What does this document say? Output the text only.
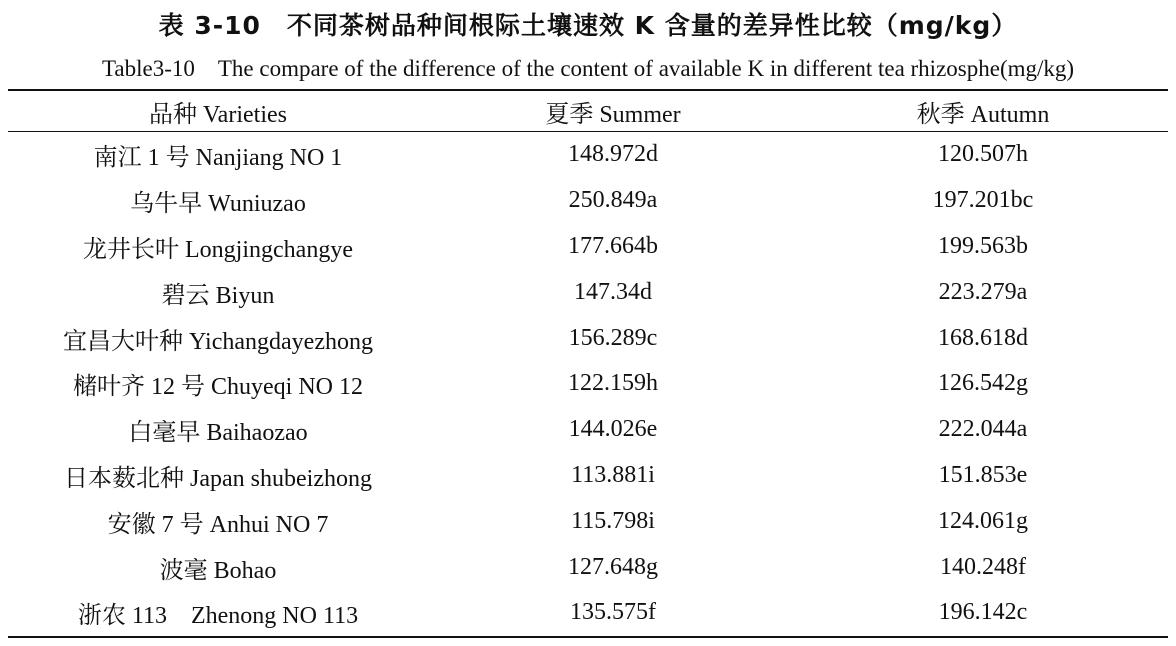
表 3-10　不同茶树品种间根际土壤速效 K 含量的差异性比较（mg/kg）
Table3-10　The compare of the difference of the content of available K in different tea rhizosphe(mg/kg)
品种 Varieties	夏季 Summer	秋季 Autumn
南江 1 号 Nanjiang NO 1	148.972d	120.507h
乌牛早 Wuniuzao	250.849a	197.201bc
龙井长叶 Longjingchangye	177.664b	199.563b
碧云 Biyun	147.34d	223.279a
宜昌大叶种 Yichangdayezhong	156.289c	168.618d
槠叶齐 12 号 Chuyeqi NO 12	122.159h	126.542g
白毫早 Baihaozao	144.026e	222.044a
日本薮北种 Japan shubeizhong	113.881i	151.853e
安徽 7 号 Anhui NO 7	115.798i	124.061g
波毫 Bohao	127.648g	140.248f
浙农 113　Zhenong NO 113	135.575f	196.142c
